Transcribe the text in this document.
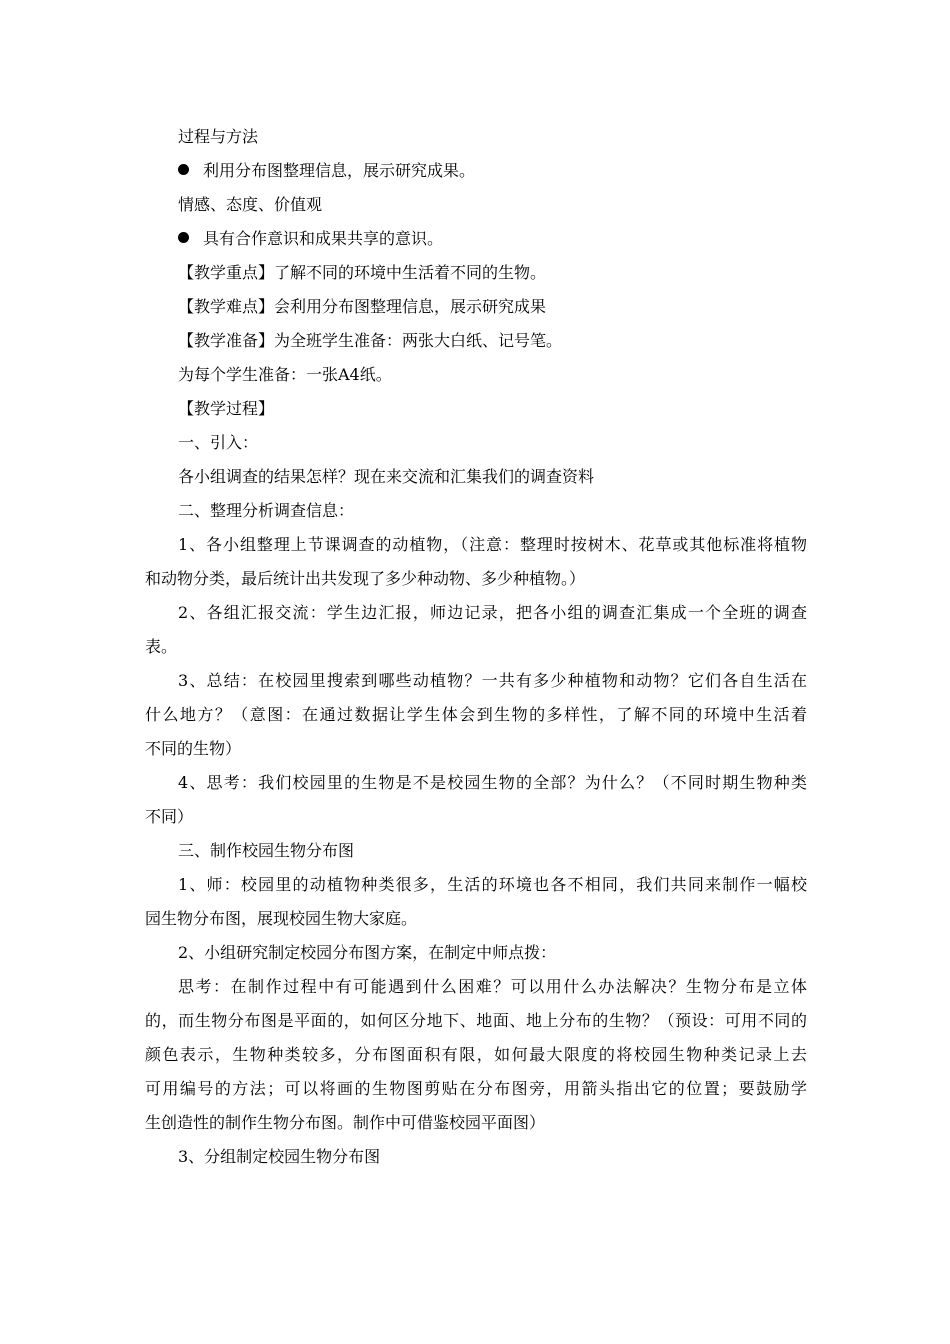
过程与方法

利用分布图整理信息，展示研究成果。

情感、态度、价值观

具有合作意识和成果共享的意识。

【教学重点】了解不同的环境中生活着不同的生物。

【教学难点】会利用分布图整理信息，展示研究成果

【教学准备】为全班学生准备：两张大白纸、记号笔。

为每个学生准备：一张A4纸。

【教学过程】

一、引入：

各小组调查的结果怎样？现在来交流和汇集我们的调查资料

二、整理分析调查信息：

1、各小组整理上节课调查的动植物，（注意：整理时按树木、花草或其他标准将植物

和动物分类，最后统计出共发现了多少种动物、多少种植物。）

2、各组汇报交流：学生边汇报，师边记录，把各小组的调查汇集成一个全班的调查

表。

3、总结：在校园里搜索到哪些动植物？一共有多少种植物和动物？它们各自生活在

什么地方？（意图：在通过数据让学生体会到生物的多样性，了解不同的环境中生活着

不同的生物）

4、思考：我们校园里的生物是不是校园生物的全部？为什么？（不同时期生物种类

不同）

三、制作校园生物分布图

1、师：校园里的动植物种类很多，生活的环境也各不相同，我们共同来制作一幅校

园生物分布图，展现校园生物大家庭。

2、小组研究制定校园分布图方案，在制定中师点拨：

思考：在制作过程中有可能遇到什么困难？可以用什么办法解决？生物分布是立体

的，而生物分布图是平面的，如何区分地下、地面、地上分布的生物？（预设：可用不同的

颜色表示，生物种类较多，分布图面积有限，如何最大限度的将校园生物种类记录上去

可用编号的方法；可以将画的生物图剪贴在分布图旁，用箭头指出它的位置；要鼓励学

生创造性的制作生物分布图。制作中可借鉴校园平面图）

3、分组制定校园生物分布图
